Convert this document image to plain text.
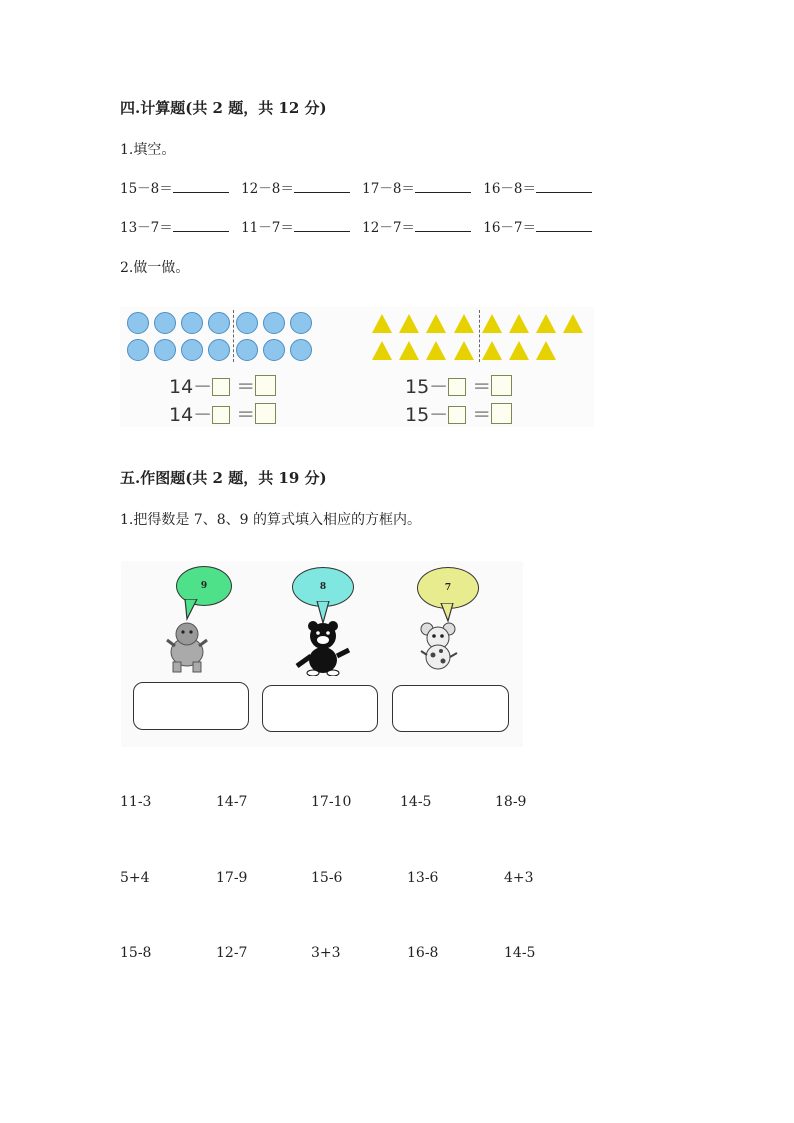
四.计算题(共 2 题，共 12 分)
1.填空。
15－8＝	12－8＝	17－8＝	16－8＝
13－7＝	11－7＝	12－7＝	16－7＝
2.做一做。
14－ ＝
14－ ＝
15－ ＝
15－ ＝
五.作图题(共 2 题，共 19 分)
1.把得数是 7、8、9 的算式填入相应的方框内。
9	8	7
11-3	14-7	17-10	14-5	18-9
5+4	17-9	15-6	13-6	4+3
15-8	12-7	3+3	16-8	14-5
